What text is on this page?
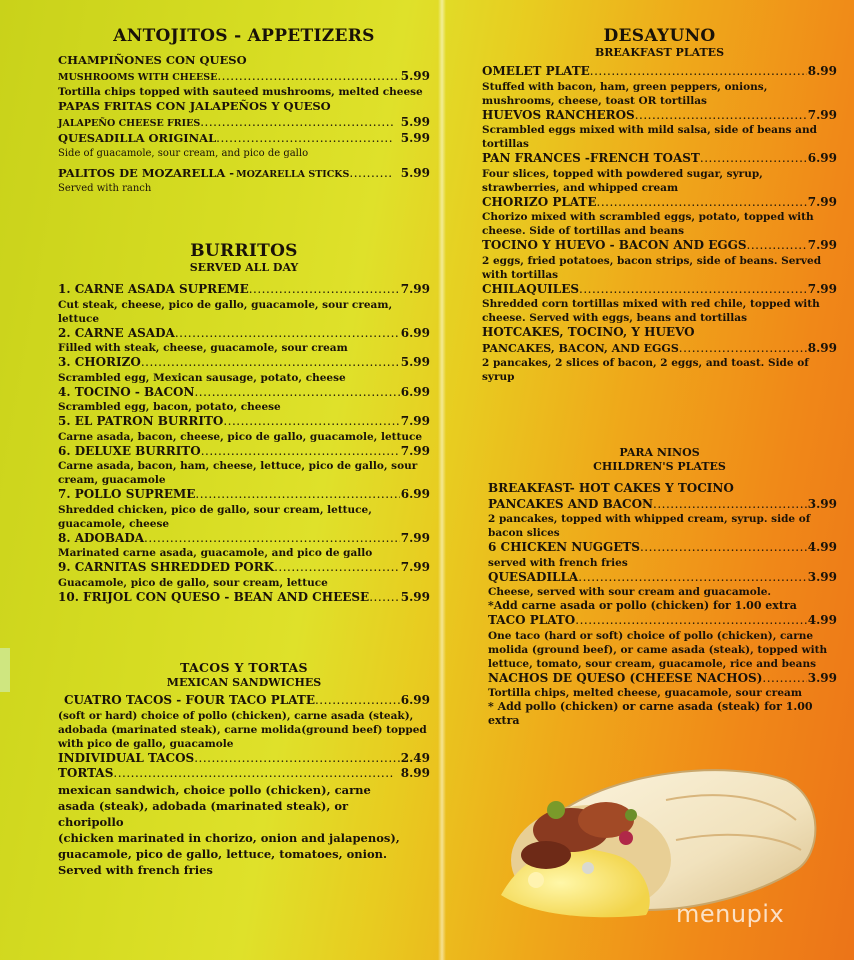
ANTOJITOS - APPETIZERS
CHAMPIÑONES CON QUESO
MUSHROOMS WITH CHEESE .....	5.99

Tortilla chips topped with sauteed mushrooms, melted cheese

PAPAS FRITAS CON JALAPEÑOS Y QUESO
JALAPEÑO CHEESE FRIES .....	5.99
QUESADILLA ORIGINAL .....	5.99

Side of guacamole, sour cream, and pico de gallo

PALITOS DE MOZARELLA - MOZARELLA STICKS .....	5.99

Served with ranch

BURRITOS
SERVED ALL DAY
1. CARNE ASADA SUPREME .....	7.99

Cut steak, cheese, pico de gallo, guacamole, sour cream, lettuce

2. CARNE ASADA .....	6.99

Filled with steak, cheese, guacamole, sour cream

3. CHORIZO .....	5.99

Scrambled egg, Mexican sausage, potato, cheese

4. TOCINO - BACON .....	6.99

Scrambled egg, bacon, potato, cheese

5. EL PATRON BURRITO .....	7.99

Carne asada, bacon, cheese, pico de gallo, guacamole, lettuce

6. DELUXE BURRITO .....	7.99

Carne asada, bacon, ham, cheese, lettuce, pico de gallo, sour cream, guacamole

7. POLLO SUPREME .....	6.99

Shredded chicken, pico de gallo, sour cream, lettuce, guacamole, cheese

8. ADOBADA .....	7.99

Marinated carne asada, guacamole, and pico de gallo

9. CARNITAS SHREDDED PORK .....	7.99

Guacamole, pico de gallo, sour cream, lettuce

10. FRIJOL CON QUESO - BEAN AND CHEESE .....	5.99
TACOS Y TORTAS
MEXICAN SANDWICHES
CUATRO TACOS - FOUR TACO PLATE .....	6.99

(soft or hard) choice of pollo (chicken), carne asada (steak), adobada (marinated steak), carne molida(ground beef) topped with pico de gallo, guacamole

INDIVIDUAL TACOS .....	2.49
TORTAS .....	8.99

mexican sandwich, choice pollo (chicken), carne

asada (steak), adobada (marinated steak), or

choripollo

(chicken marinated in chorizo, onion and jalapenos),

guacamole, pico de gallo, lettuce, tomatoes, onion.

Served with french fries

DESAYUNO
BREAKFAST PLATES
OMELET PLATE .....	8.99

Stuffed with bacon, ham, green peppers, onions, mushrooms, cheese, toast OR tortillas

HUEVOS RANCHEROS .....	7.99

Scrambled eggs mixed with mild salsa, side of beans and tortillas

PAN FRANCES -FRENCH TOAST .....	6.99

Four slices, topped with powdered sugar, syrup, strawberries, and whipped cream

CHORIZO PLATE .....	7.99

Chorizo mixed with scrambled eggs, potato, topped with cheese. Side of tortillas and beans

TOCINO Y HUEVO - BACON AND EGGS .....	7.99

2 eggs, fried potatoes, bacon strips, side of beans. Served with tortillas

CHILAQUILES .....	7.99

Shredded corn tortillas mixed with red chile, topped with cheese. Served with eggs, beans and tortillas

HOTCAKES, TOCINO, Y HUEVO
PANCAKES, BACON, AND EGGS .....	8.99

2 pancakes, 2 slices of bacon, 2 eggs, and toast. Side of syrup

PARA NINOS
CHILDREN'S PLATES
BREAKFAST- HOT CAKES Y TOCINO
PANCAKES AND BACON .....	3.99

2 pancakes, topped with whipped cream, syrup. side of bacon slices

6 CHICKEN NUGGETS .....	4.99

served with french fries

QUESADILLA .....	3.99

Cheese, served with sour cream and guacamole.

*Add carne asada or pollo (chicken) for 1.00 extra

TACO PLATO .....	4.99

One taco (hard or soft) choice of pollo (chicken), carne molida (ground beef), or came asada (steak), topped with lettuce, tomato, sour cream, guacamole, rice and beans

NACHOS DE QUESO (CHEESE NACHOS) .....	3.99

Tortilla chips, melted cheese, guacamole, sour cream

* Add pollo (chicken) or carne asada (steak) for 1.00 extra

menupix
